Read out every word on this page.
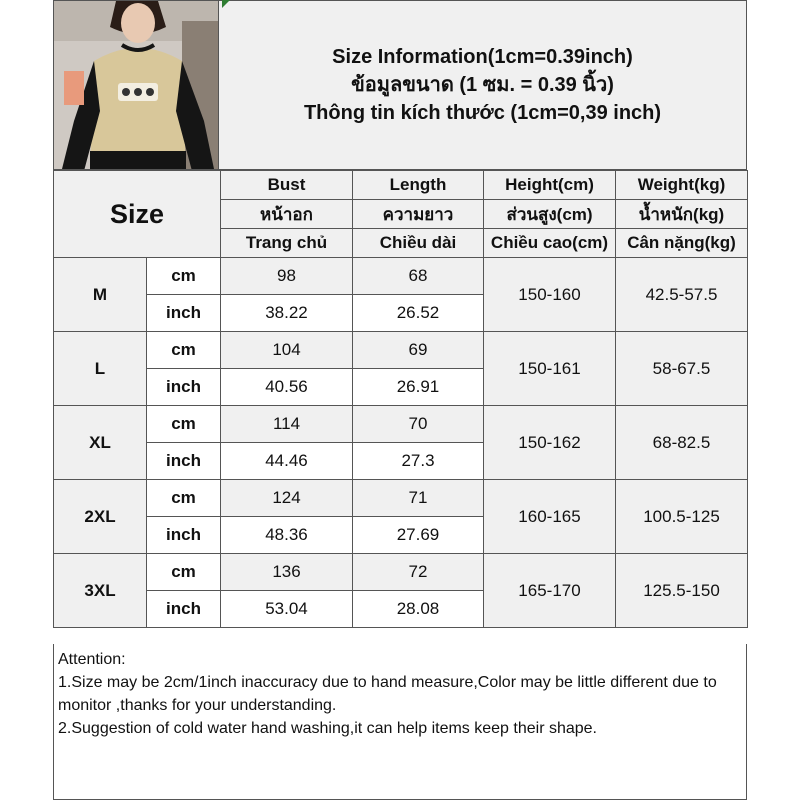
Size Information(1cm=0.39inch)
ข้อมูลขนาด (1 ซม. = 0.39 นิ้ว)
Thông tin kích thước (1cm=0,39 inch)
Size		Bust	Length	Height(cm)	Weight(kg)
		หน้าอก	ความยาว	ส่วนสูง(cm)	น้ำหนัก(kg)
		Trang chủ	Chiều dài	Chiều cao(cm)	Cân nặng(kg)
M	cm	98	68	150-160	42.5-57.5
	inch	38.22	26.52		
L	cm	104	69	150-161	58-67.5
	inch	40.56	26.91		
XL	cm	114	70	150-162	68-82.5
	inch	44.46	27.3		
2XL	cm	124	71	160-165	100.5-125
	inch	48.36	27.69		
3XL	cm	136	72	165-170	125.5-150
	inch	53.04	28.08		
Attention:
1.Size may be 2cm/1inch inaccuracy due to hand measure,Color may be little different due to monitor ,thanks for your understanding.
2.Suggestion of cold water hand washing,it can help items keep their shape.
